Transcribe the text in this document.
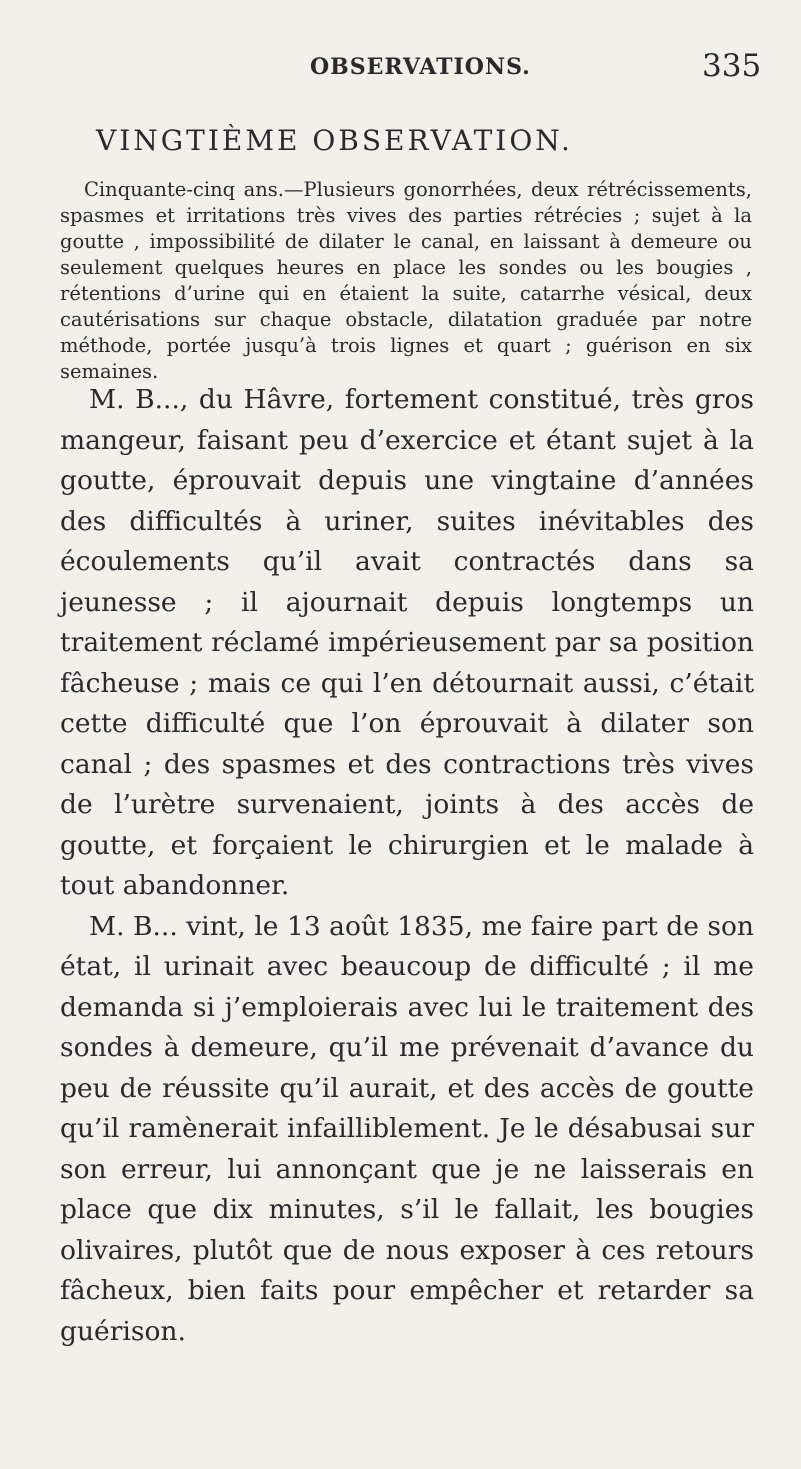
OBSERVATIONS.	335
VINGTIÈME OBSERVATION.

Cinquante-cinq ans.—Plusieurs gonorrhées, deux rétrécissements, spasmes et irritations très vives des parties rétrécies ; sujet à la goutte , impossibilité de dilater le canal, en laissant à demeure ou seulement quelques heures en place les sondes ou les bougies , rétentions d’urine qui en étaient la suite, catarrhe vésical, deux cautérisations sur chaque obstacle, dilatation graduée par notre méthode, portée jusqu’à trois lignes et quart ; guérison en six semaines.

M. B..., du Hâvre, fortement constitué, très gros mangeur, faisant peu d’exercice et étant sujet à la goutte, éprouvait depuis une vingtaine d’années des difficultés à uriner, suites inévitables des écoulements qu’il avait contractés dans sa jeunesse ; il ajournait depuis longtemps un traitement réclamé impérieusement par sa position fâcheuse ; mais ce qui l’en détournait aussi, c’était cette difficulté que l’on éprouvait à dilater son canal ; des spasmes et des contractions très vives de l’urètre survenaient, joints à des accès de goutte, et forçaient le chirurgien et le malade à tout abandonner.

M. B... vint, le 13 août 1835, me faire part de son état, il urinait avec beaucoup de difficulté ; il me demanda si j’emploierais avec lui le traitement des sondes à demeure, qu’il me prévenait d’avance du peu de réussite qu’il aurait, et des accès de goutte qu’il ramènerait infailliblement. Je le désabusai sur son erreur, lui annonçant que je ne laisserais en place que dix minutes, s’il le fallait, les bougies olivaires, plutôt que de nous exposer à ces retours fâcheux, bien faits pour empêcher et retarder sa guérison.
